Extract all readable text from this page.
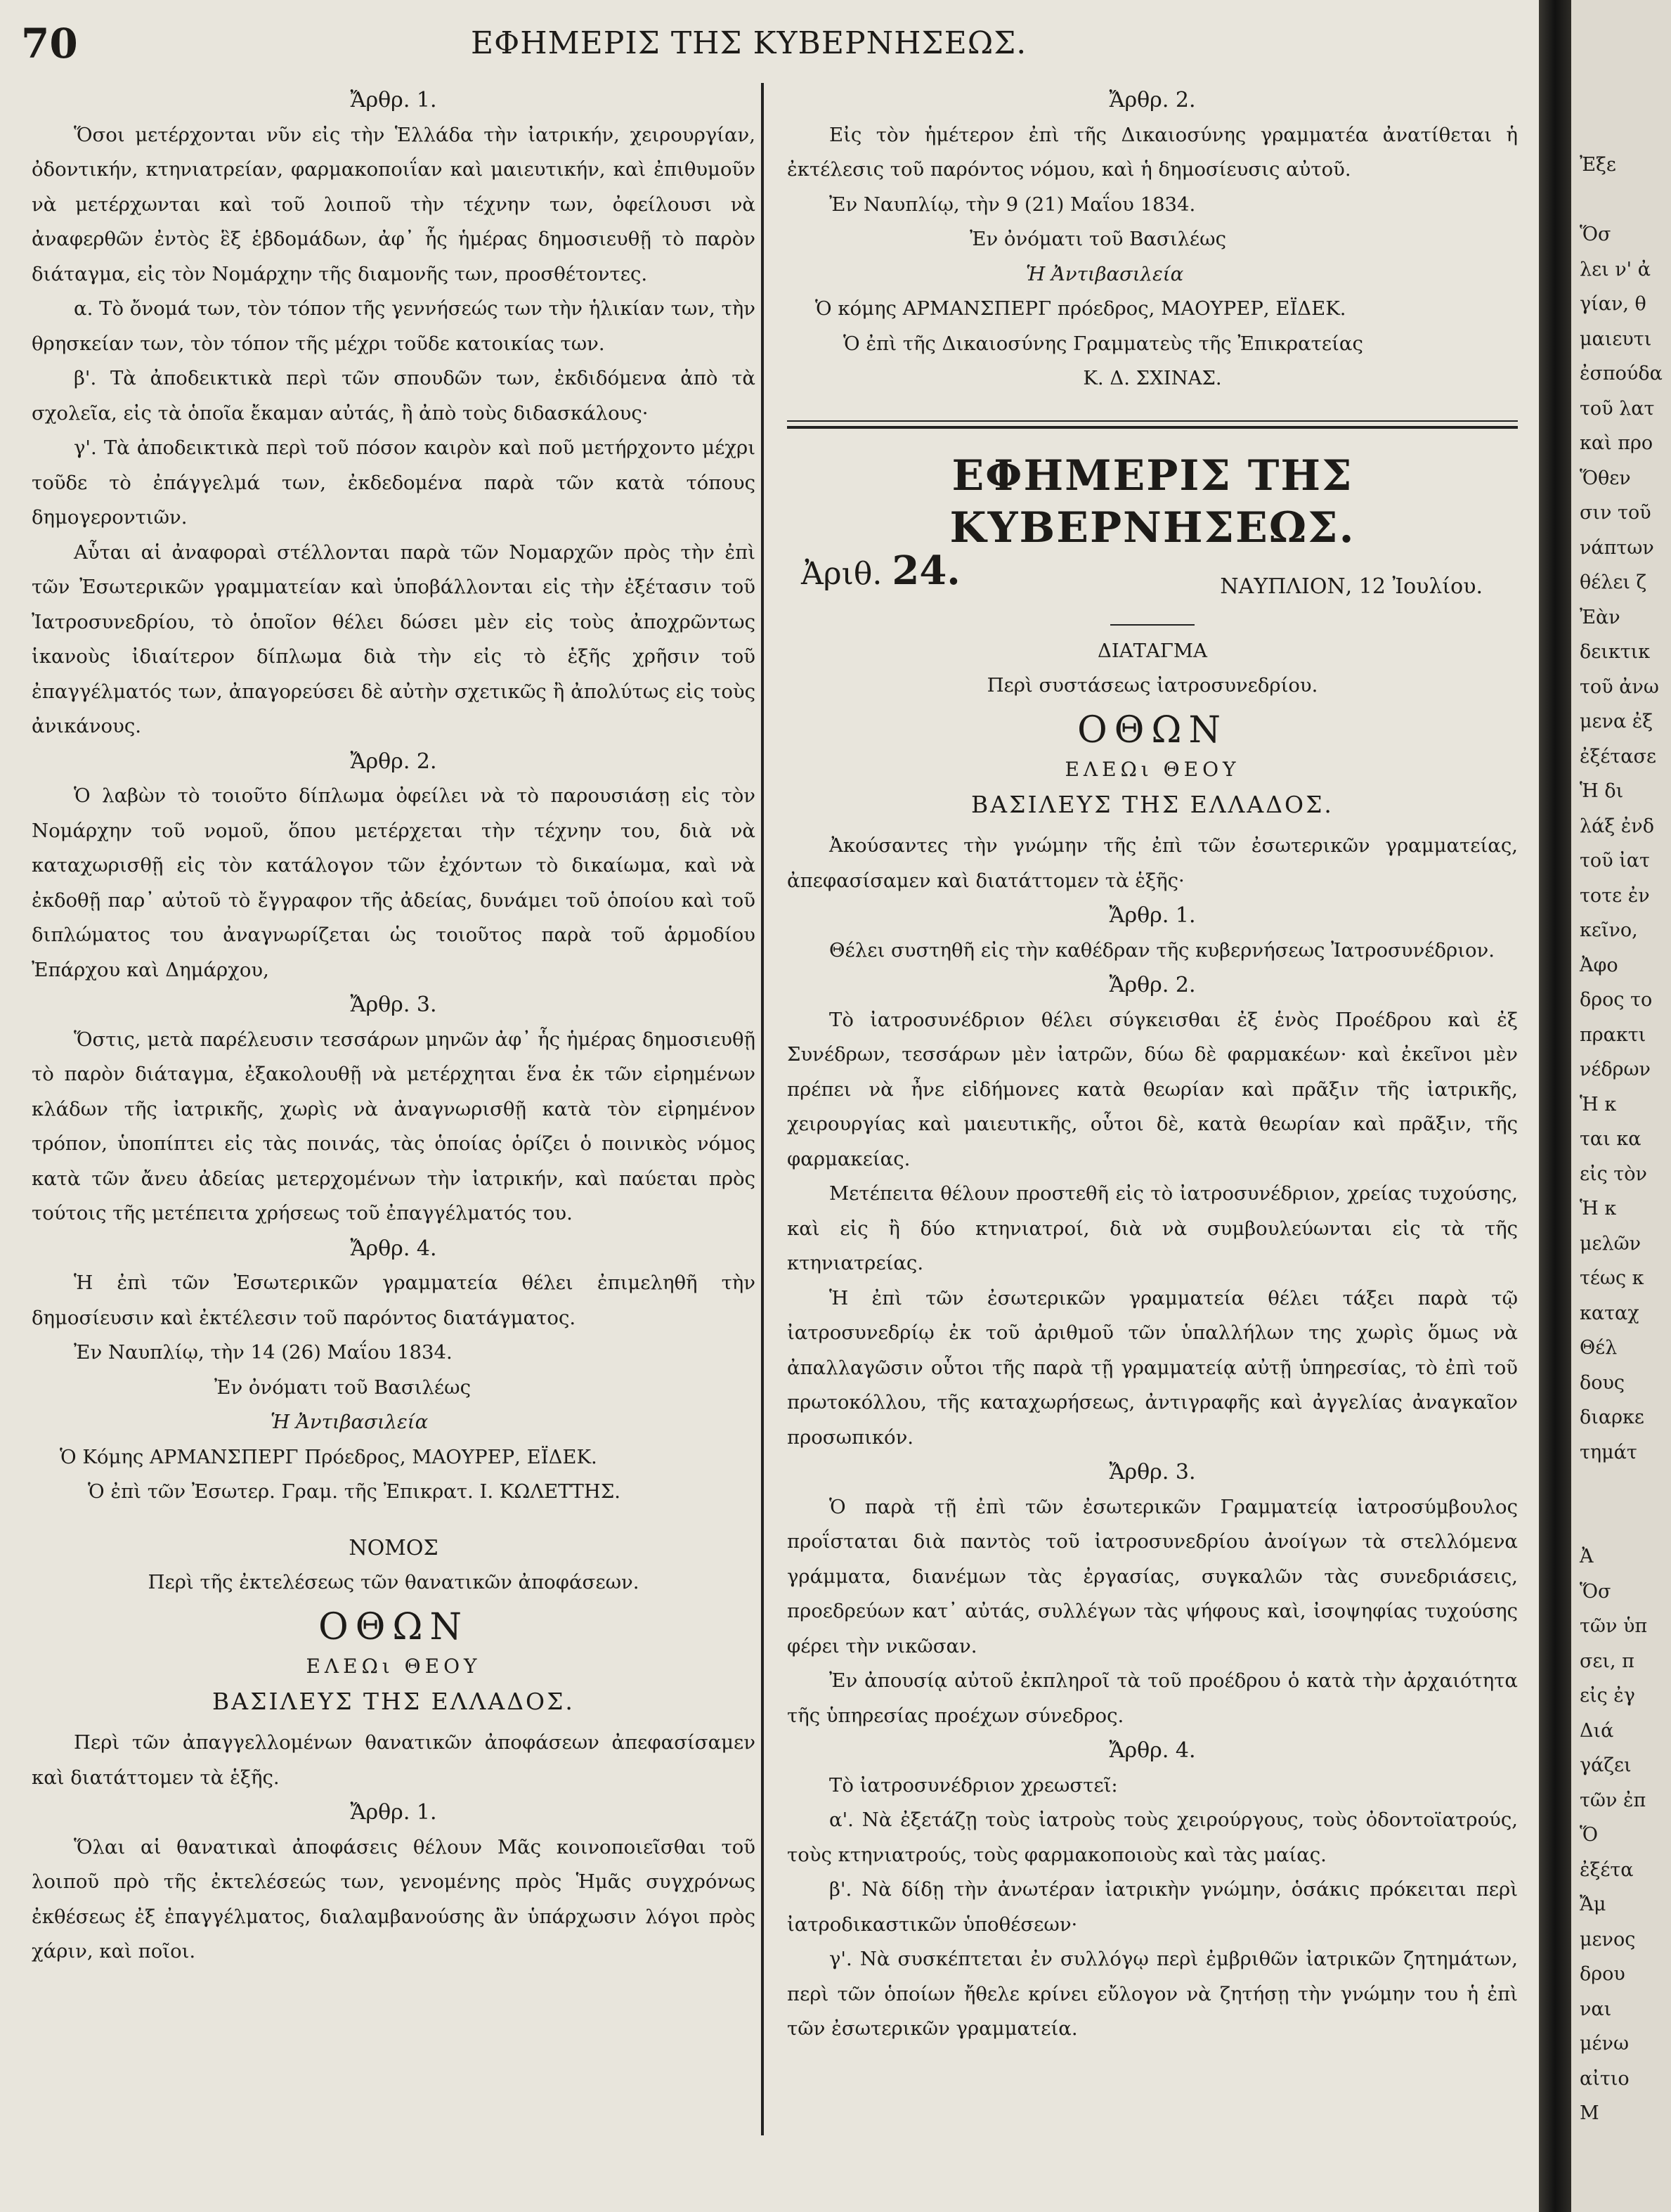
70	ΕΦΗΜΕΡΙΣ ΤΗΣ ΚΥΒΕΡΝΗΣΕΩΣ.

Ἄρθρ. 1.

Ὅσοι μετέρχονται νῦν εἰς τὴν Ἑλλάδα τὴν ἰατρικήν, χειρουργίαν, ὀδοντικήν, κτηνιατρείαν, φαρμακοποιΐαν καὶ μαιευτικήν, καὶ ἐπιθυμοῦν νὰ μετέρχωνται καὶ τοῦ λοιποῦ τὴν τέχνην των, ὀφείλουσι νὰ ἀναφερθῶν ἐντὸς ἓξ ἑβδομάδων, ἀφ᾽ ἧς ἡμέρας δημοσιευθῇ τὸ παρὸν διάταγμα, εἰς τὸν Νομάρχην τῆς διαμονῆς των, προσθέτοντες.

α. Τὸ ὄνομά των, τὸν τόπον τῆς γεννήσεώς των τὴν ἡλικίαν των, τὴν θρησκείαν των, τὸν τόπον τῆς μέχρι τοῦδε κατοικίας των.

β'. Τὰ ἀποδεικτικὰ περὶ τῶν σπουδῶν των, ἐκδιδόμενα ἀπὸ τὰ σχολεῖα, εἰς τὰ ὁποῖα ἔκαμαν αὐτάς, ἢ ἀπὸ τοὺς διδασκάλους·

γ'. Τὰ ἀποδεικτικὰ περὶ τοῦ πόσον καιρὸν καὶ ποῦ μετήρχοντο μέχρι τοῦδε τὸ ἐπάγγελμά των, ἐκδεδομένα παρὰ τῶν κατὰ τόπους δημογεροντιῶν.

Αὗται αἱ ἀναφοραὶ στέλλονται παρὰ τῶν Νομαρχῶν πρὸς τὴν ἐπὶ τῶν Ἐσωτερικῶν γραμματείαν καὶ ὑποβάλλονται εἰς τὴν ἐξέτασιν τοῦ Ἰατροσυνεδρίου, τὸ ὁποῖον θέλει δώσει μὲν εἰς τοὺς ἀποχρῶντως ἱκανοὺς ἰδιαίτερον δίπλωμα διὰ τὴν εἰς τὸ ἑξῆς χρῆσιν τοῦ ἐπαγγέλματός των, ἀπαγορεύσει δὲ αὐτὴν σχετικῶς ἢ ἀπολύτως εἰς τοὺς ἀνικάνους.

Ἄρθρ. 2.

Ὁ λαβὼν τὸ τοιοῦτο δίπλωμα ὀφείλει νὰ τὸ παρουσιάσῃ εἰς τὸν Νομάρχην τοῦ νομοῦ, ὅπου μετέρχεται τὴν τέχνην του, διὰ νὰ καταχωρισθῇ εἰς τὸν κατάλογον τῶν ἐχόντων τὸ δικαίωμα, καὶ νὰ ἐκδοθῇ παρ᾽ αὐτοῦ τὸ ἔγγραφον τῆς ἀδείας, δυνάμει τοῦ ὁποίου καὶ τοῦ διπλώματος του ἀναγνωρίζεται ὡς τοιοῦτος παρὰ τοῦ ἁρμοδίου Ἐπάρχου καὶ Δημάρχου,

Ἄρθρ. 3.

Ὅστις, μετὰ παρέλευσιν τεσσάρων μηνῶν ἀφ᾽ ἧς ἡμέρας δημοσιευθῇ τὸ παρὸν διάταγμα, ἐξακολουθῇ νὰ μετέρχηται ἕνα ἐκ τῶν εἰρημένων κλάδων τῆς ἰατρικῆς, χωρὶς νὰ ἀναγνωρισθῇ κατὰ τὸν εἰρημένον τρόπον, ὑποπίπτει εἰς τὰς ποινάς, τὰς ὁποίας ὁρίζει ὁ ποινικὸς νόμος κατὰ τῶν ἄνευ ἀδείας μετερχομένων τὴν ἰατρικήν, καὶ παύεται πρὸς τούτοις τῆς μετέπειτα χρήσεως τοῦ ἐπαγγέλματός του.

Ἄρθρ. 4.

Ἡ ἐπὶ τῶν Ἐσωτερικῶν γραμματεία θέλει ἐπιμεληθῆ τὴν δημοσίευσιν καὶ ἐκτέλεσιν τοῦ παρόντος διατάγματος.

Ἐν Ναυπλίῳ, τὴν 14 (26) Μαΐου 1834.

Ἐν ὀνόματι τοῦ Βασιλέως

Ἡ Ἀντιβασιλεία

Ὁ Κόμης ΑΡΜΑΝΣΠΕΡΓ Πρόεδρος, ΜΑΟΥΡΕΡ, ΕΪΔΕΚ.

Ὁ ἐπὶ τῶν Ἐσωτερ. Γραμ. τῆς Ἐπικρατ. Ι. ΚΩΛΕΤΤΗΣ.

ΝΟΜΟΣ

Περὶ τῆς ἐκτελέσεως τῶν θανατικῶν ἀποφάσεων.

ΟΘΩΝ

ΕΛΕΩι ΘΕΟΥ

ΒΑΣΙΛΕΥΣ ΤΗΣ ΕΛΛΑΔΟΣ.

Περὶ τῶν ἀπαγγελλομένων θανατικῶν ἀποφάσεων ἀπεφασίσαμεν καὶ διατάττομεν τὰ ἑξῆς.

Ἄρθρ. 1.

Ὅλαι αἱ θανατικαὶ ἀποφάσεις θέλουν Μᾶς κοινοποιεῖσθαι τοῦ λοιποῦ πρὸ τῆς ἐκτελέσεώς των, γενομένης πρὸς Ἡμᾶς συγχρόνως ἐκθέσεως ἐξ ἐπαγγέλματος, διαλαμβανούσης ἂν ὑπάρχωσιν λόγοι πρὸς χάριν, καὶ ποῖοι.

Ἄρθρ. 2.

Εἰς τὸν ἡμέτερον ἐπὶ τῆς Δικαιοσύνης γραμματέα ἀνατίθεται ἡ ἐκτέλεσις τοῦ παρόντος νόμου, καὶ ἡ δημοσίευσις αὐτοῦ.

Ἐν Ναυπλίῳ, τὴν 9 (21) Μαΐου 1834.

Ἐν ὀνόματι τοῦ Βασιλέως

Ἡ Ἀντιβασιλεία

Ὁ κόμης ΑΡΜΑΝΣΠΕΡΓ πρόεδρος, ΜΑΟΥΡΕΡ, ΕΪΔΕΚ.

Ὁ ἐπὶ τῆς Δικαιοσύνης Γραμματεὺς τῆς Ἐπικρατείας

Κ. Δ. ΣΧΙΝΑΣ.

ΕΦΗΜΕΡΙΣ ΤΗΣ ΚΥΒΕΡΝΗΣΕΩΣ.

Ἀριθ. 24.	ΝΑΥΠΛΙΟΝ, 12 Ἰουλίου.

ΔΙΑΤΑΓΜΑ

Περὶ συστάσεως ἰατροσυνεδρίου.

ΟΘΩΝ

ΕΛΕΩι ΘΕΟΥ

ΒΑΣΙΛΕΥΣ ΤΗΣ ΕΛΛΑΔΟΣ.

Ἀκούσαντες τὴν γνώμην τῆς ἐπὶ τῶν ἐσωτερικῶν γραμματείας, ἀπεφασίσαμεν καὶ διατάττομεν τὰ ἑξῆς·

Ἄρθρ. 1.

Θέλει συστηθῆ εἰς τὴν καθέδραν τῆς κυβερνήσεως Ἰατροσυνέδριον.

Ἄρθρ. 2.

Τὸ ἰατροσυνέδριον θέλει σύγκεισθαι ἐξ ἑνὸς Προέδρου καὶ ἐξ Συνέδρων, τεσσάρων μὲν ἰατρῶν, δύω δὲ φαρμακέων· καὶ ἐκεῖνοι μὲν πρέπει νὰ ἦνε εἰδήμονες κατὰ θεωρίαν καὶ πρᾶξιν τῆς ἰατρικῆς, χειρουργίας καὶ μαιευτικῆς, οὗτοι δὲ, κατὰ θεωρίαν καὶ πρᾶξιν, τῆς φαρμακείας.

Μετέπειτα θέλουν προστεθῆ εἰς τὸ ἰατροσυνέδριον, χρείας τυχούσης, καὶ εἰς ἢ δύο κτηνιατροί, διὰ νὰ συμβουλεύωνται εἰς τὰ τῆς κτηνιατρείας.

Ἡ ἐπὶ τῶν ἐσωτερικῶν γραμματεία θέλει τάξει παρὰ τῷ ἰατροσυνεδρίῳ ἐκ τοῦ ἀριθμοῦ τῶν ὑπαλλήλων της χωρὶς ὅμως νὰ ἀπαλλαγῶσιν οὗτοι τῆς παρὰ τῇ γραμματείᾳ αὐτῇ ὑπηρεσίας, τὸ ἐπὶ τοῦ πρωτοκόλλου, τῆς καταχωρήσεως, ἀντιγραφῆς καὶ ἀγγελίας ἀναγκαῖον προσωπικόν.

Ἄρθρ. 3.

Ὁ παρὰ τῇ ἐπὶ τῶν ἐσωτερικῶν Γραμματείᾳ ἰατροσύμβουλος προΐσταται διὰ παντὸς τοῦ ἰατροσυνεδρίου ἀνοίγων τὰ στελλόμενα γράμματα, διανέμων τὰς ἐργασίας, συγκαλῶν τὰς συνεδριάσεις, προεδρεύων κατ᾽ αὐτάς, συλλέγων τὰς ψήφους καὶ, ἰσοψηφίας τυχούσης φέρει τὴν νικῶσαν.

Ἐν ἀπουσίᾳ αὐτοῦ ἐκπληροῖ τὰ τοῦ προέδρου ὁ κατὰ τὴν ἀρχαιότητα τῆς ὑπηρεσίας προέχων σύνεδρος.

Ἄρθρ. 4.

Τὸ ἰατροσυνέδριον χρεωστεῖ:

α'. Νὰ ἐξετάζῃ τοὺς ἰατροὺς τοὺς χειρούργους, τοὺς ὀδοντοϊατρούς, τοὺς κτηνιατρούς, τοὺς φαρμακοποιοὺς καὶ τὰς μαίας.

β'. Νὰ δίδῃ τὴν ἀνωτέραν ἰατρικὴν γνώμην, ὁσάκις πρόκειται περὶ ἰατροδικαστικῶν ὑποθέσεων·

γ'. Νὰ συσκέπτεται ἐν συλλόγῳ περὶ ἐμβριθῶν ἰατρικῶν ζητημάτων, περὶ τῶν ὁποίων ἤθελε κρίνει εὔλογον νὰ ζητήσῃ τὴν γνώμην του ἡ ἐπὶ τῶν ἐσωτερικῶν γραμματεία.

Ἐξε

Ὅσ
λει ν' ἀ
γίαν, θ
μαιευτι
ἐσπούδα
τοῦ λατ
καὶ προ
Ὅθεν
σιν τοῦ
νάπτων
θέλει ζ
Ἐὰν
δεικτικ
τοῦ ἀνω
μενα ἐξ
ἐξέτασε
Ἡ δι
λάξ ἐνδ
τοῦ ἰατ
τοτε ἐν
κεῖνο,
Ἀφο
δρος το
πρακτι
νέδρων
Ἡ κ
ται κα
εἰς τὸν
Ἡ κ
μελῶν
τέως κ
καταχ
Θέλ
δους
διαρκε
τημάτ

Ἀ
Ὅσ
τῶν ὑπ
σει, π
εἰς ἐγ
Διά
γάζει
τῶν ἐπ
Ὅ
ἐξέτα
Ἄμ
μενος
δρου
ναι
μένω
αἰτιο
Μ
